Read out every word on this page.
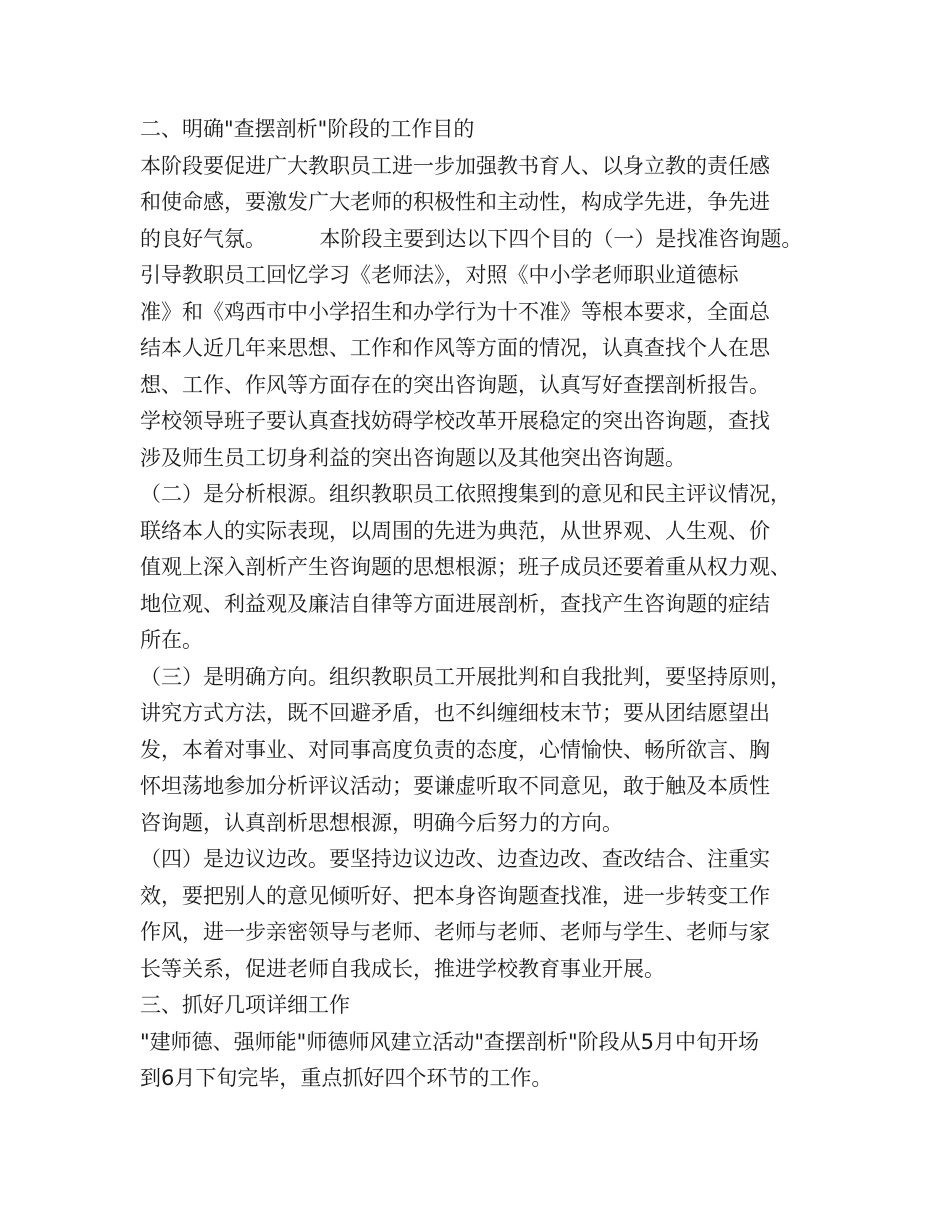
二、明确"查摆剖析"阶段的工作目的
本阶段要促进广大教职员工进一步加强教书育人、以身立教的责任感
和使命感，要激发广大老师的积极性和主动性，构成学先进，争先进
的良好气氛。        本阶段主要到达以下四个目的（一）是找准咨询题。
引导教职员工回忆学习《老师法》，对照《中小学老师职业道德标
准》和《鸡西市中小学招生和办学行为十不准》等根本要求，全面总
结本人近几年来思想、工作和作风等方面的情况，认真查找个人在思
想、工作、作风等方面存在的突出咨询题，认真写好查摆剖析报告。
学校领导班子要认真查找妨碍学校改革开展稳定的突出咨询题，查找
涉及师生员工切身利益的突出咨询题以及其他突出咨询题。
（二）是分析根源。组织教职员工依照搜集到的意见和民主评议情况，
联络本人的实际表现，以周围的先进为典范，从世界观、人生观、价
值观上深入剖析产生咨询题的思想根源；班子成员还要着重从权力观、
地位观、利益观及廉洁自律等方面进展剖析，查找产生咨询题的症结
所在。
（三）是明确方向。组织教职员工开展批判和自我批判，要坚持原则，
讲究方式方法，既不回避矛盾，也不纠缠细枝末节；要从团结愿望出
发，本着对事业、对同事高度负责的态度，心情愉快、畅所欲言、胸
怀坦荡地参加分析评议活动；要谦虚听取不同意见，敢于触及本质性
咨询题，认真剖析思想根源，明确今后努力的方向。
（四）是边议边改。要坚持边议边改、边查边改、查改结合、注重实
效，要把别人的意见倾听好、把本身咨询题查找准，进一步转变工作
作风，进一步亲密领导与老师、老师与老师、老师与学生、老师与家
长等关系，促进老师自我成长，推进学校教育事业开展。
三、抓好几项详细工作
"建师德、强师能"师德师风建立活动"查摆剖析"阶段从5月中旬开场
到6月下旬完毕，重点抓好四个环节的工作。
